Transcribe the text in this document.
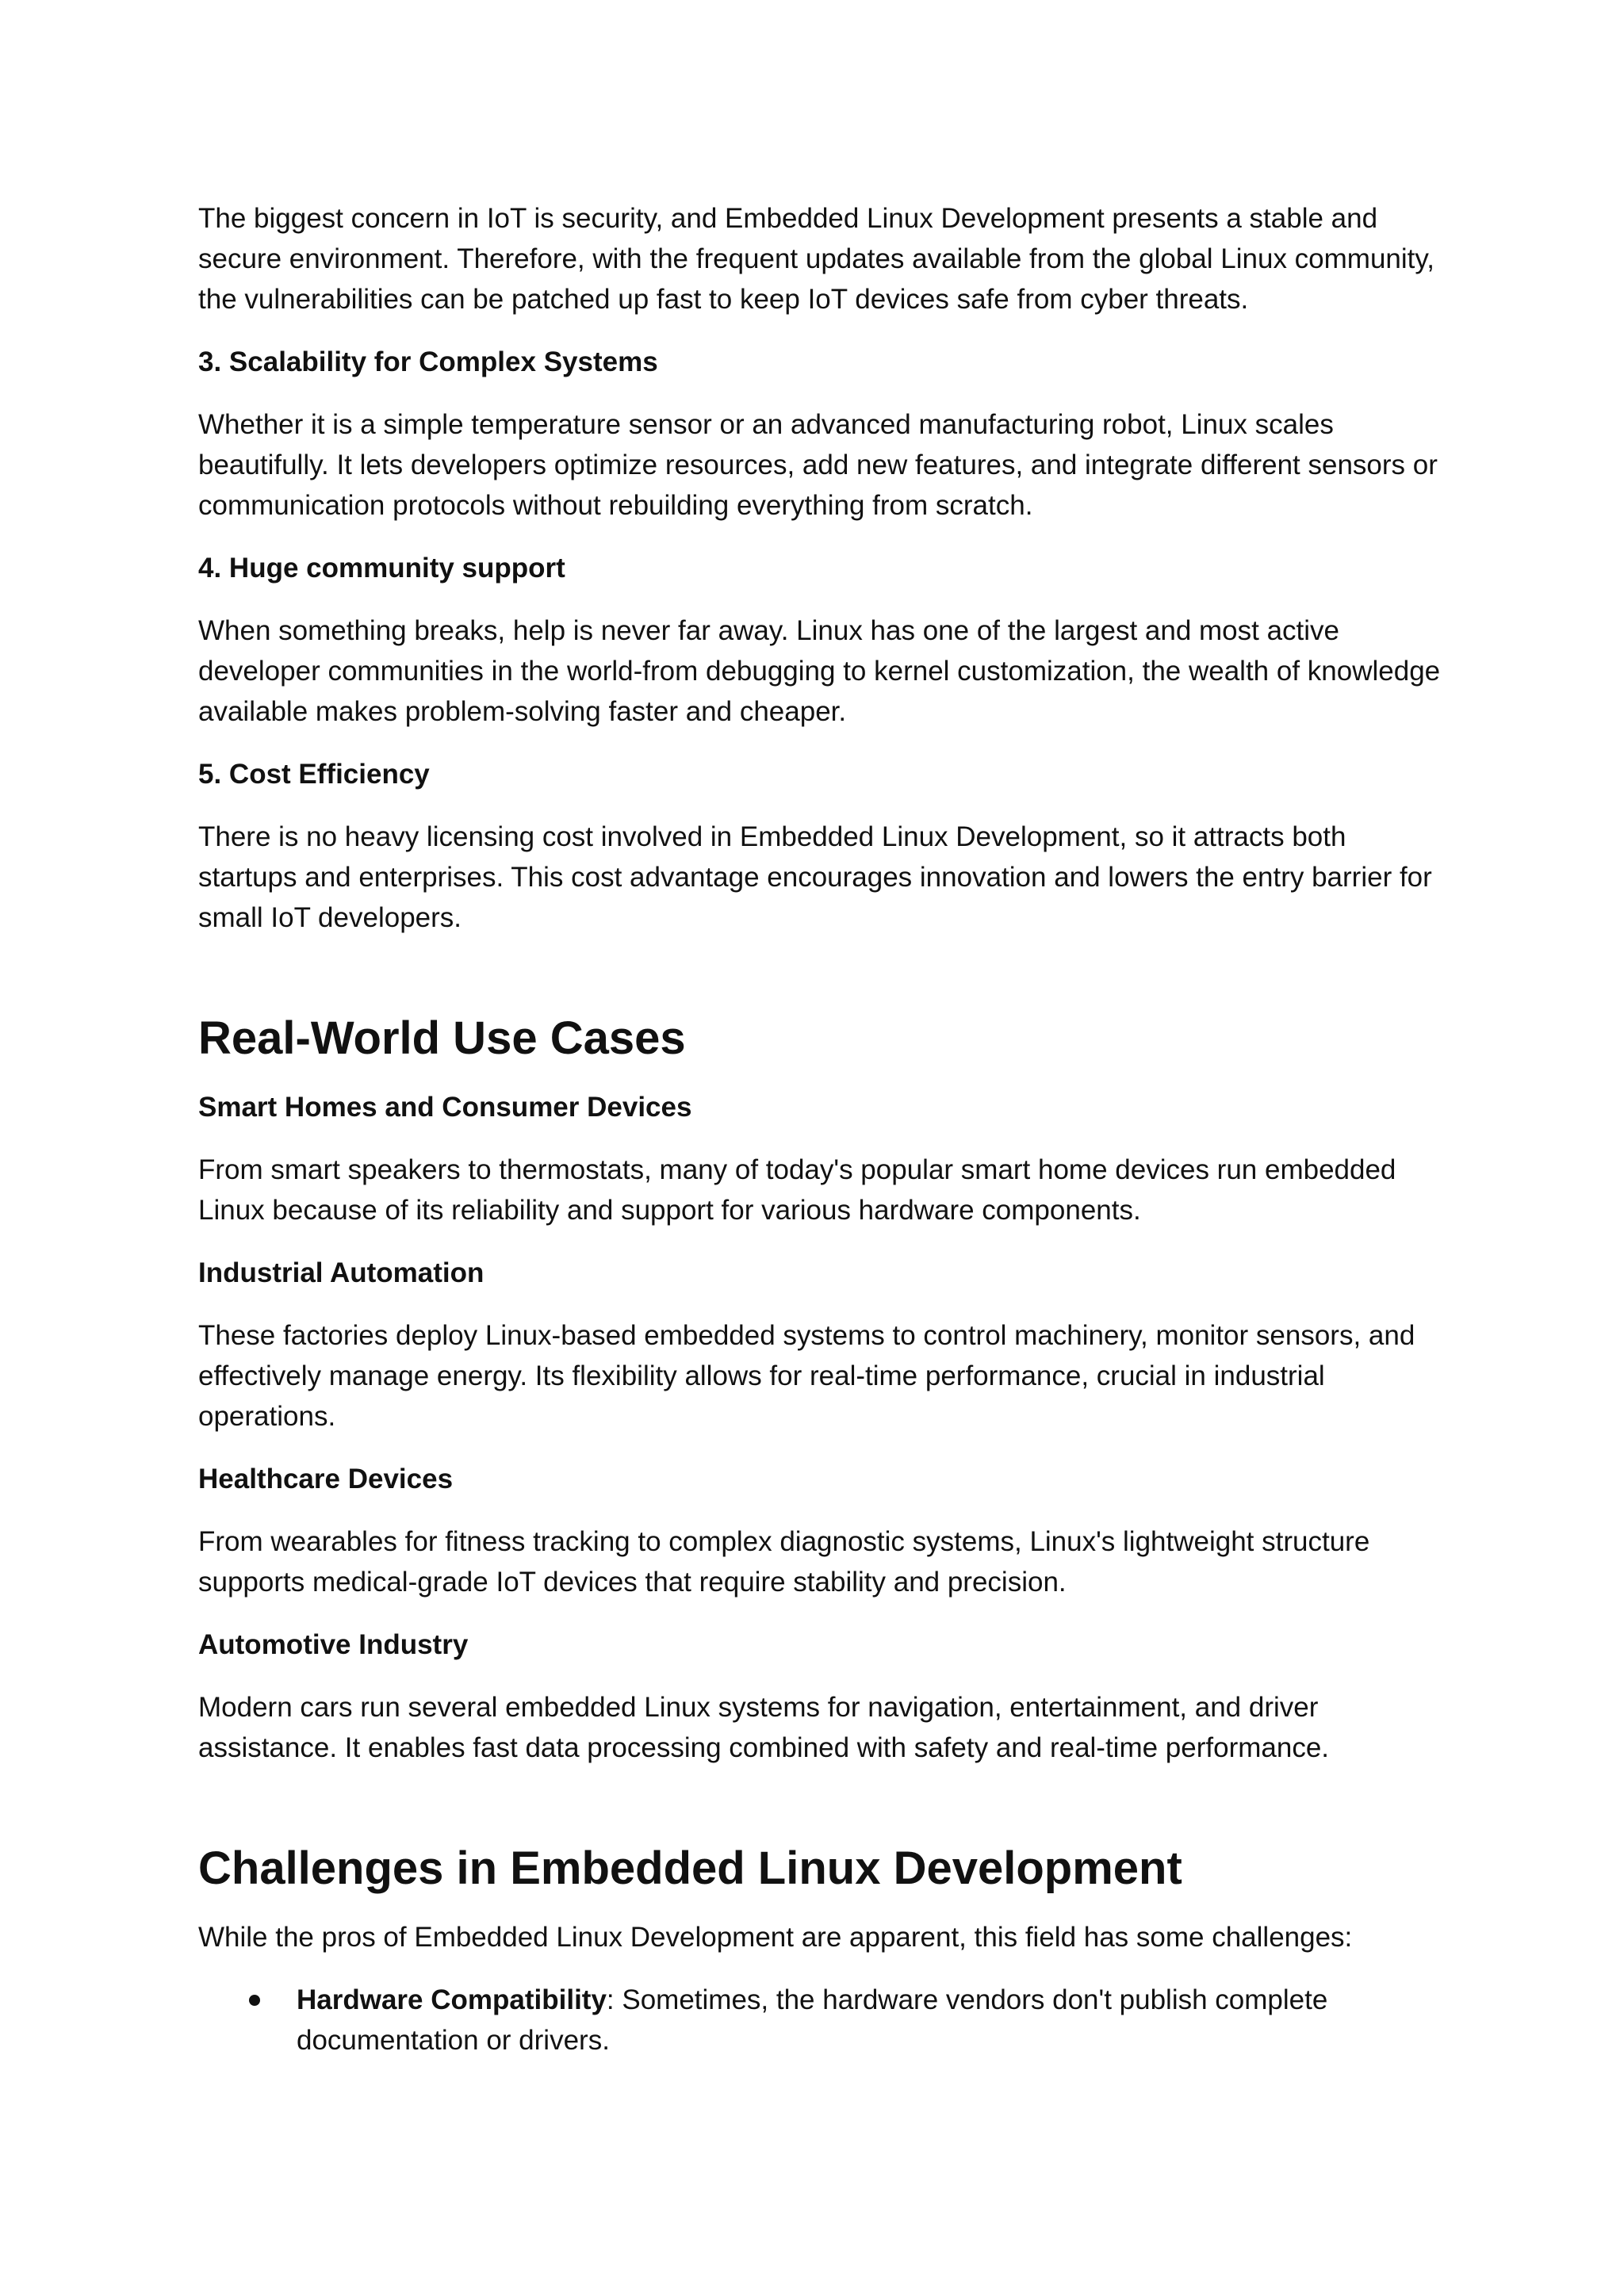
The biggest concern in IoT is security, and Embedded Linux Development presents a stable and secure environment. Therefore, with the frequent updates available from the global Linux community, the vulnerabilities can be patched up fast to keep IoT devices safe from cyber threats.

3. Scalability for Complex Systems

Whether it is a simple temperature sensor or an advanced manufacturing robot, Linux scales beautifully. It lets developers optimize resources, add new features, and integrate different sensors or communication protocols without rebuilding everything from scratch.

4. Huge community support

When something breaks, help is never far away. Linux has one of the largest and most active developer communities in the world-from debugging to kernel customization, the wealth of knowledge available makes problem-solving faster and cheaper.

5. Cost Efficiency

There is no heavy licensing cost involved in Embedded Linux Development, so it attracts both startups and enterprises. This cost advantage encourages innovation and lowers the entry barrier for small IoT developers.

Real-World Use Cases

Smart Homes and Consumer Devices

From smart speakers to thermostats, many of today's popular smart home devices run embedded Linux because of its reliability and support for various hardware components.

Industrial Automation

These factories deploy Linux-based embedded systems to control machinery, monitor sensors, and effectively manage energy. Its flexibility allows for real-time performance, crucial in industrial operations.

Healthcare Devices

From wearables for fitness tracking to complex diagnostic systems, Linux's lightweight structure supports medical-grade IoT devices that require stability and precision.

Automotive Industry

Modern cars run several embedded Linux systems for navigation, entertainment, and driver assistance. It enables fast data processing combined with safety and real-time performance.

Challenges in Embedded Linux Development

While the pros of Embedded Linux Development are apparent, this field has some challenges:

Hardware Compatibility: Sometimes, the hardware vendors don't publish complete documentation or drivers.
